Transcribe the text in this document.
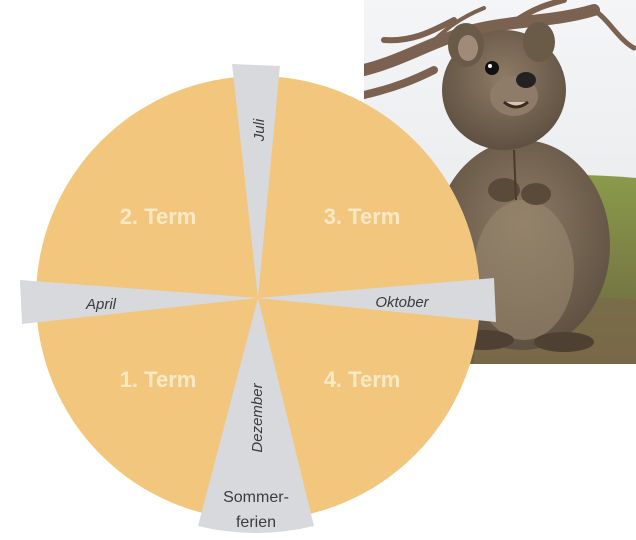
2. Term	3. Term
1. Term	4. Term
Juli
April	Oktober
Dezember
Sommer-
ferien
